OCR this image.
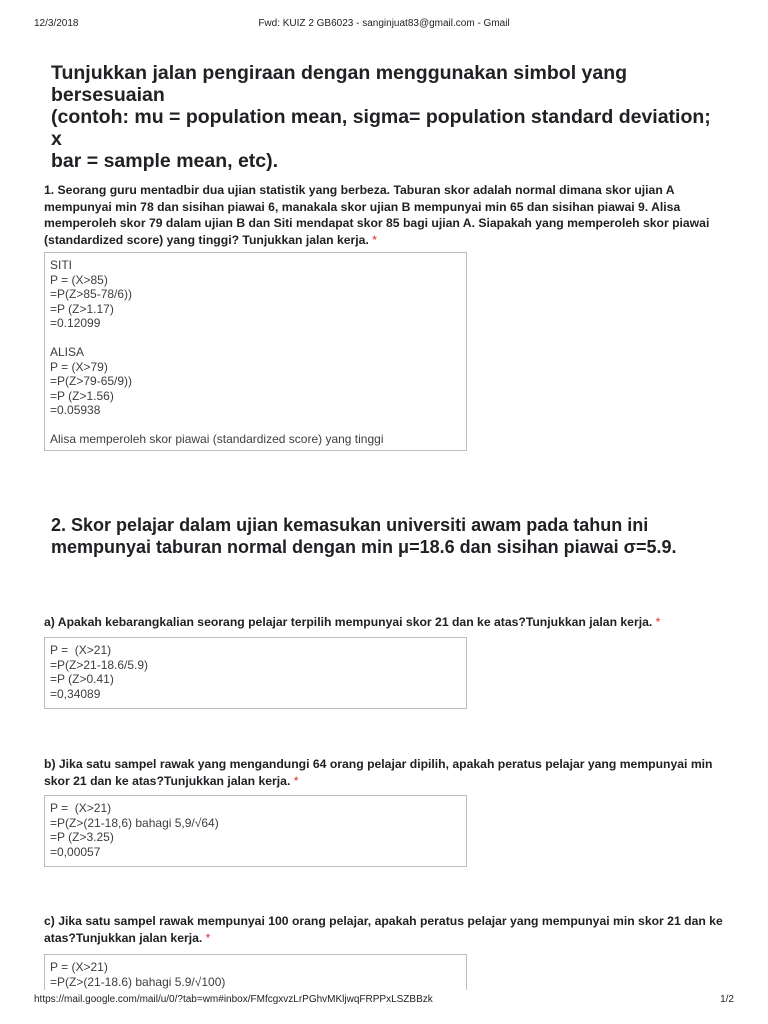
12/3/2018	Fwd: KUIZ 2 GB6023 - sanginjuat83@gmail.com - Gmail
Tunjukkan jalan pengiraan dengan menggunakan simbol yang bersesuaian
(contoh: mu = population mean, sigma= population standard deviation; x
bar = sample mean, etc).
1. Seorang guru mentadbir dua ujian statistik yang berbeza. Taburan skor adalah normal dimana skor ujian A
mempunyai min 78 dan sisihan piawai 6, manakala skor ujian B mempunyai min 65 dan sisihan piawai 9. Alisa
memperoleh skor 79 dalam ujian B dan Siti mendapat skor 85 bagi ujian A. Siapakah yang memperoleh skor piawai
(standardized score) yang tinggi? Tunjukkan jalan kerja. *
SITI
P = (X>85)
=P(Z>85-78/6))
=P (Z>1.17)
=0.12099
ALISA
P = (X>79)
=P(Z>79-65/9))
=P (Z>1.56)
=0.05938
Alisa memperoleh skor piawai (standardized score) yang tinggi
2. Skor pelajar dalam ujian kemasukan universiti awam pada tahun ini
mempunyai taburan normal dengan min μ=18.6 dan sisihan piawai σ=5.9.
a) Apakah kebarangkalian seorang pelajar terpilih mempunyai skor 21 dan ke atas?Tunjukkan jalan kerja. *
P =  (X>21)
=P(Z>21-18.6/5.9)
=P (Z>0.41)
=0,34089
b) Jika satu sampel rawak yang mengandungi 64 orang pelajar dipilih, apakah peratus pelajar yang mempunyai min
skor 21 dan ke atas?Tunjukkan jalan kerja. *
P =  (X>21)
=P(Z>(21-18,6) bahagi 5,9/√64)
=P (Z>3.25)
=0,00057
c) Jika satu sampel rawak mempunyai 100 orang pelajar, apakah peratus pelajar yang mempunyai min skor 21 dan ke
atas?Tunjukkan jalan kerja. *
P = (X>21)
=P(Z>(21-18.6) bahagi 5.9/√100)
https://mail.google.com/mail/u/0/?tab=wm#inbox/FMfcgxvzLrPGhvMKljwqFRPPxLSZBBzk	1/2
